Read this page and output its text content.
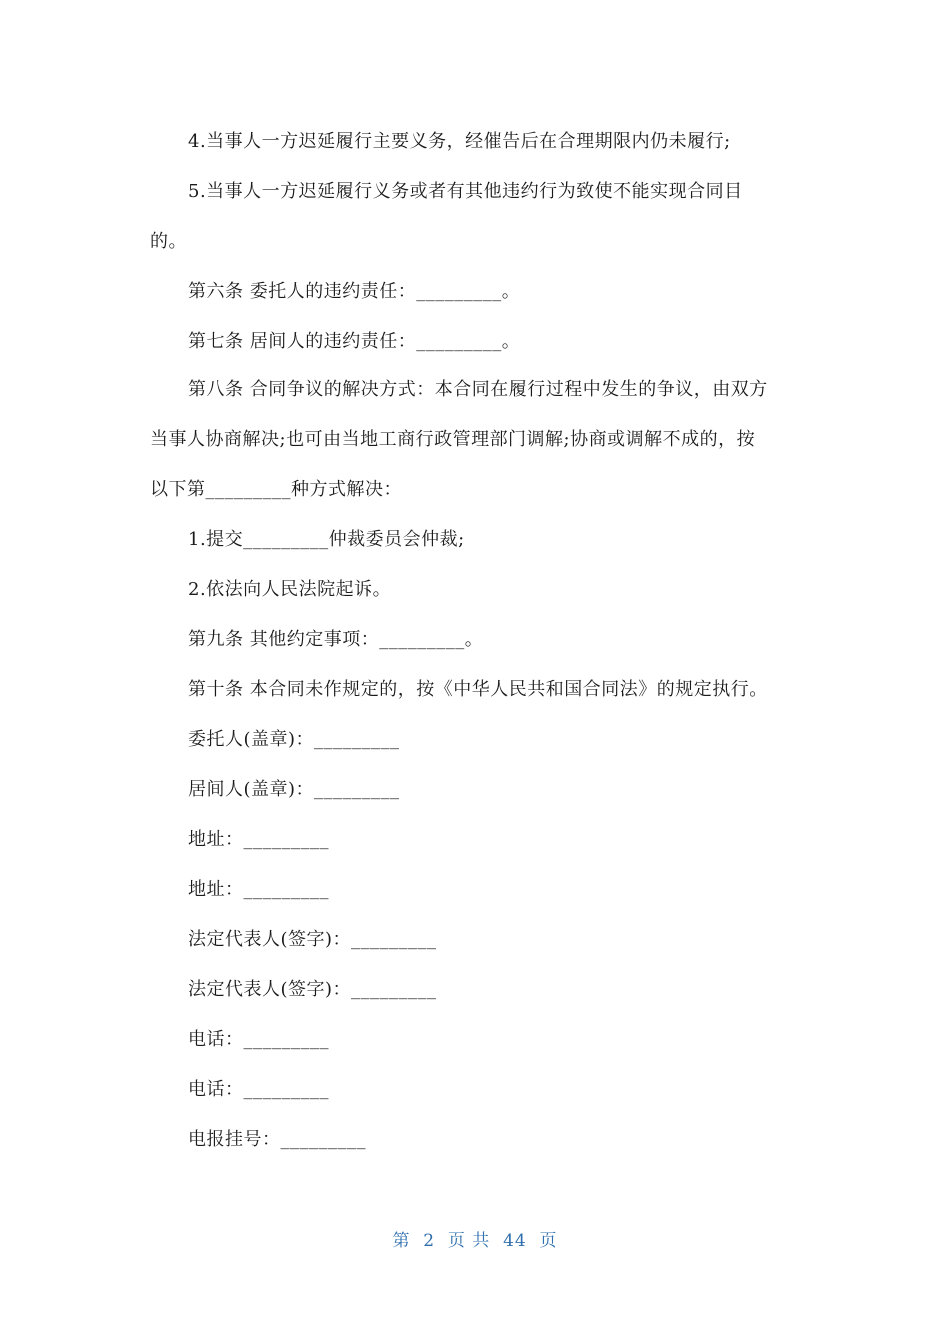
4.当事人一方迟延履行主要义务，经催告后在合理期限内仍未履行;
5.当事人一方迟延履行义务或者有其他违约行为致使不能实现合同目
的。
第六条 委托人的违约责任：_________。
第七条 居间人的违约责任：_________。
第八条 合同争议的解决方式：本合同在履行过程中发生的争议，由双方
当事人协商解决;也可由当地工商行政管理部门调解;协商或调解不成的，按
以下第_________种方式解决：
1.提交_________仲裁委员会仲裁;
2.依法向人民法院起诉。
第九条 其他约定事项：_________。
第十条 本合同未作规定的，按《中华人民共和国合同法》的规定执行。
委托人(盖章)：_________
居间人(盖章)：_________
地址：_________
地址：_________
法定代表人(签字)：_________
法定代表人(签字)：_________
电话：_________
电话：_________
电报挂号：_________
第  2  页 共  44  页
